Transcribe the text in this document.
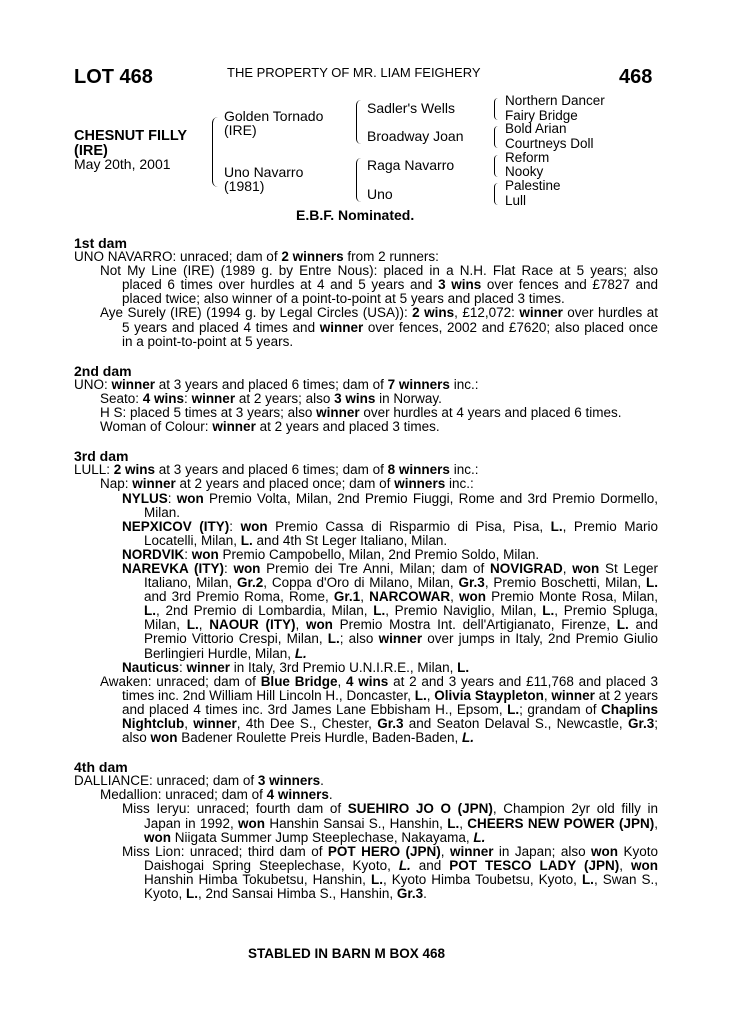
LOT 468	THE PROPERTY OF MR. LIAM FEIGHERY	468
CHESNUT FILLY
(IRE)
May 20th, 2001
Golden Tornado
(IRE)
Uno Navarro
(1981)
Sadler's Wells
Broadway Joan
Raga Navarro
Uno
Northern Dancer
Fairy Bridge
Bold Arian
Courtneys Doll
Reform
Nooky
Palestine
Lull
E.B.F. Nominated.

1st dam

UNO NAVARRO: unraced; dam of 2 winners from 2 runners:

Not My Line (IRE) (1989 g. by Entre Nous): placed in a N.H. Flat Race at 5 years; also placed 6 times over hurdles at 4 and 5 years and 3 wins over fences and £7827 and placed twice; also winner of a point-to-point at 5 years and placed 3 times.

Aye Surely (IRE) (1994 g. by Legal Circles (USA)): 2 wins, £12,072: winner over hurdles at 5 years and placed 4 times and winner over fences, 2002 and £7620; also placed once in a point-to-point at 5 years.

2nd dam

UNO: winner at 3 years and placed 6 times; dam of 7 winners inc.:

Seato: 4 wins: winner at 2 years; also 3 wins in Norway.

H S: placed 5 times at 3 years; also winner over hurdles at 4 years and placed 6 times.

Woman of Colour: winner at 2 years and placed 3 times.

3rd dam

LULL: 2 wins at 3 years and placed 6 times; dam of 8 winners inc.:

Nap: winner at 2 years and placed once; dam of winners inc.:

NYLUS: won Premio Volta, Milan, 2nd Premio Fiuggi, Rome and 3rd Premio Dormello, Milan.

NEPXICOV (ITY): won Premio Cassa di Risparmio di Pisa, Pisa, L., Premio Mario Locatelli, Milan, L. and 4th St Leger Italiano, Milan.

NORDVIK: won Premio Campobello, Milan, 2nd Premio Soldo, Milan.

NAREVKA (ITY): won Premio dei Tre Anni, Milan; dam of NOVIGRAD, won St Leger Italiano, Milan, Gr.2, Coppa d'Oro di Milano, Milan, Gr.3, Premio Boschetti, Milan, L. and 3rd Premio Roma, Rome, Gr.1, NARCOWAR, won Premio Monte Rosa, Milan, L., 2nd Premio di Lombardia, Milan, L., Premio Naviglio, Milan, L., Premio Spluga, Milan, L., NAOUR (ITY), won Premio Mostra Int. dell'Artigianato, Firenze, L. and Premio Vittorio Crespi, Milan, L.; also winner over jumps in Italy, 2nd Premio Giulio Berlingieri Hurdle, Milan, L.

Nauticus: winner in Italy, 3rd Premio U.N.I.R.E., Milan, L.

Awaken: unraced; dam of Blue Bridge, 4 wins at 2 and 3 years and £11,768 and placed 3 times inc. 2nd William Hill Lincoln H., Doncaster, L., Olivia Staypleton, winner at 2 years and placed 4 times inc. 3rd James Lane Ebbisham H., Epsom, L.; grandam of Chaplins Nightclub, winner, 4th Dee S., Chester, Gr.3 and Seaton Delaval S., Newcastle, Gr.3; also won Badener Roulette Preis Hurdle, Baden-Baden, L.

4th dam

DALLIANCE: unraced; dam of 3 winners.

Medallion: unraced; dam of 4 winners.

Miss Ieryu: unraced; fourth dam of SUEHIRO JO O (JPN), Champion 2yr old filly in Japan in 1992, won Hanshin Sansai S., Hanshin, L., CHEERS NEW POWER (JPN), won Niigata Summer Jump Steeplechase, Nakayama, L.

Miss Lion: unraced; third dam of POT HERO (JPN), winner in Japan; also won Kyoto Daishogai Spring Steeplechase, Kyoto, L. and POT TESCO LADY (JPN), won Hanshin Himba Tokubetsu, Hanshin, L., Kyoto Himba Toubetsu, Kyoto, L., Swan S., Kyoto, L., 2nd Sansai Himba S., Hanshin, Gr.3.

STABLED IN BARN M BOX 468
